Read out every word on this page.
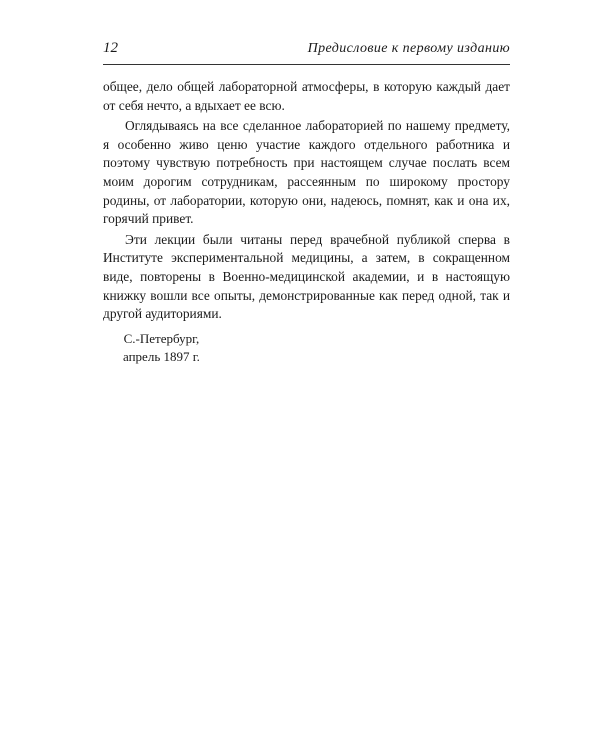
12	Предисловие к первому изданию

общее, дело общей лабораторной атмосферы, в которую каждый дает от себя нечто, а вдыхает ее всю.

Оглядываясь на все сделанное лабораторией по нашему предмету, я особенно живо ценю участие каждого отдельного работника и поэтому чувствую потребность при настоящем случае послать всем моим дорогим сотрудникам, рассеянным по широкому простору родины, от лаборатории, которую они, надеюсь, помнят, как и она их, горячий привет.

Эти лекции были читаны перед врачебной публикой сперва в Институте экспериментальной медицины, а затем, в сокращенном виде, повторены в Военно-медицинской академии, и в настоящую книжку вошли все опыты, демонстрированные как перед одной, так и другой аудиториями.

С.-Петербург,
апрель 1897 г.
